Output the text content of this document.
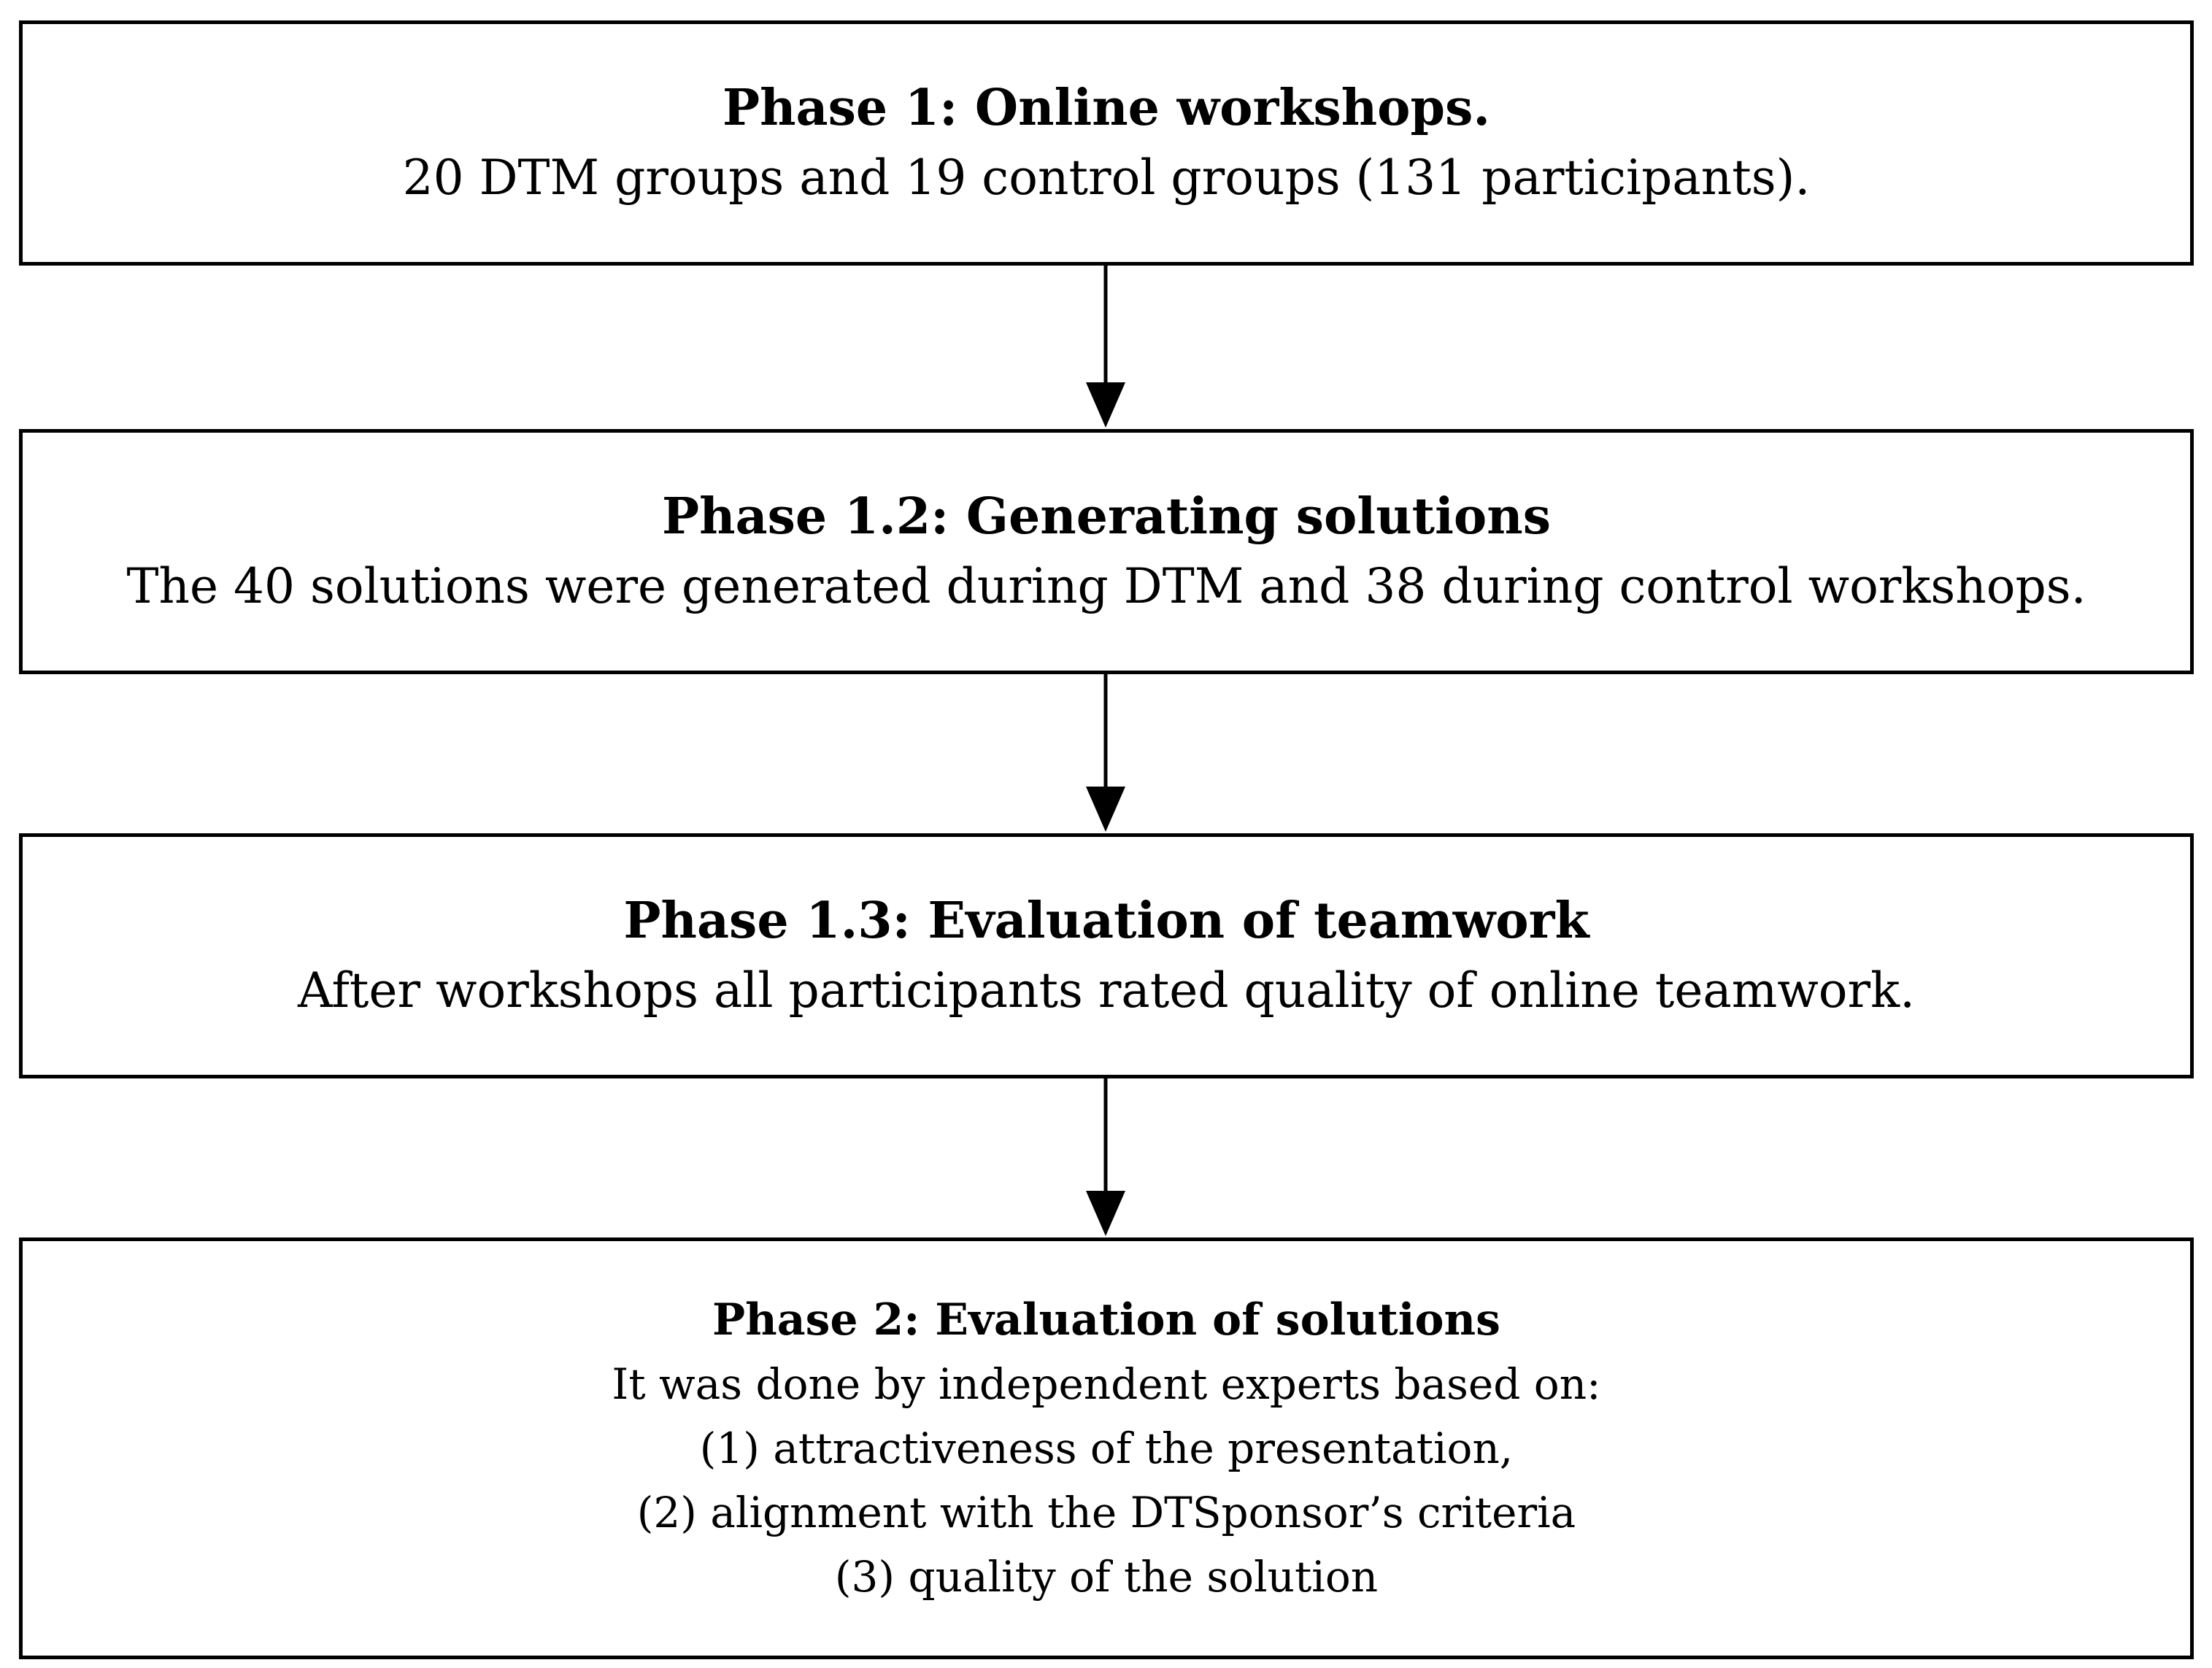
Phase 1: Online workshops.
20 DTM groups and 19 control groups (131 participants).
Phase 1.2: Generating solutions
The 40 solutions were generated during DTM and 38 during control workshops.
Phase 1.3: Evaluation of teamwork
After workshops all participants rated quality of online teamwork.
Phase 2: Evaluation of solutions
It was done by independent experts based on:
(1) attractiveness of the presentation,
(2) alignment with the DTSponsor’s criteria
(3) quality of the solution
